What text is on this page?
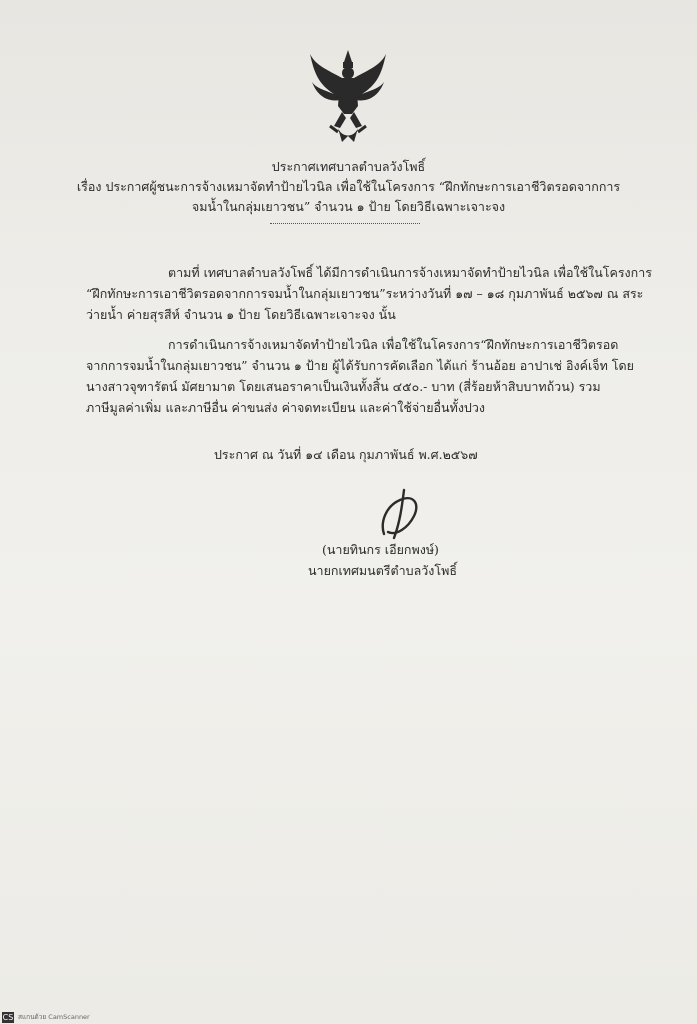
ประกาศเทศบาลตำบลวังโพธิ์
เรื่อง ประกาศผู้ชนะการจ้างเหมาจัดทำป้ายไวนิล เพื่อใช้ในโครงการ “ฝึกทักษะการเอาชีวิตรอดจากการ
จมน้ำในกลุ่มเยาวชน” จำนวน ๑ ป้าย โดยวิธีเฉพาะเจาะจง
ตามที่ เทศบาลตำบลวังโพธิ์ ได้มีการดำเนินการจ้างเหมาจัดทำป้ายไวนิล เพื่อใช้ในโครงการ
“ฝึกทักษะการเอาชีวิตรอดจากการจมน้ำในกลุ่มเยาวชน”ระหว่างวันที่ ๑๗ – ๑๘ กุมภาพันธ์ ๒๕๖๗ ณ สระ
ว่ายน้ำ ค่ายสุรสีห์ จำนวน ๑ ป้าย โดยวิธีเฉพาะเจาะจง นั้น
การดำเนินการจ้างเหมาจัดทำป้ายไวนิล เพื่อใช้ในโครงการ“ฝึกทักษะการเอาชีวิตรอด
จากการจมน้ำในกลุ่มเยาวชน” จำนวน ๑ ป้าย ผู้ได้รับการคัดเลือก ได้แก่ ร้านอ้อย อาปาเช่ อิงค์เจ็ท โดย
นางสาวจุฑารัตน์ มัศยามาต โดยเสนอราคาเป็นเงินทั้งสิ้น ๔๕๐.- บาท (สี่ร้อยห้าสิบบาทถ้วน) รวม
ภาษีมูลค่าเพิ่ม และภาษีอื่น ค่าขนส่ง ค่าจดทะเบียน และค่าใช้จ่ายอื่นทั้งปวง
ประกาศ ณ วันที่ ๑๔ เดือน กุมภาพันธ์ พ.ศ.๒๕๖๗
(นายทินกร เอียกพงษ์)
นายกเทศมนตรีตำบลวังโพธิ์
CS สแกนด้วย CamScanner
